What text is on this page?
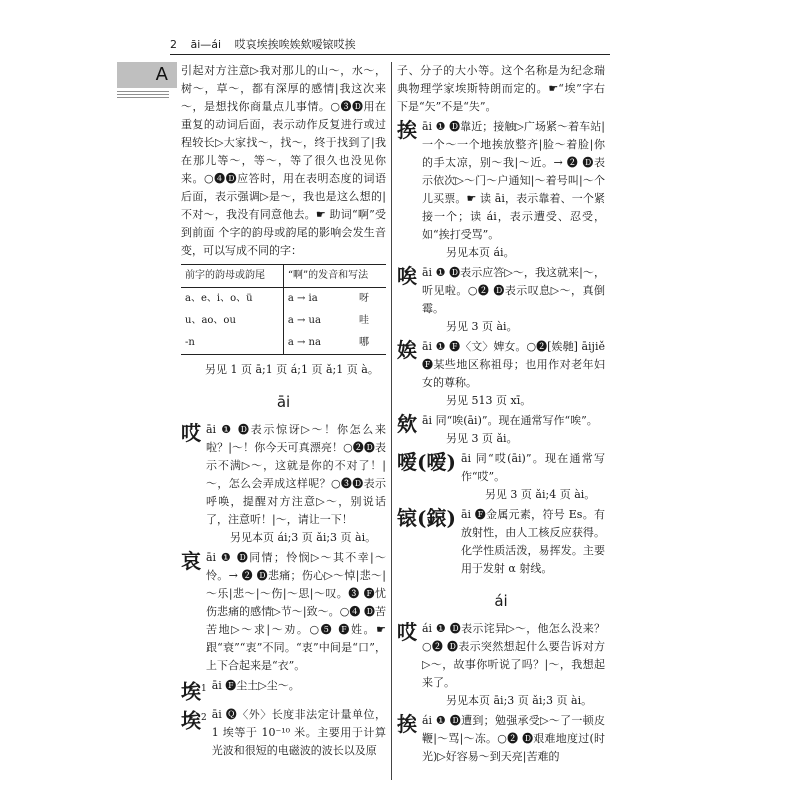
2 āi—ái 哎哀埃挨唉娭欸嗳锿哎挨
A	引起对方注意▷我对那儿的山～，水～，树～，草～，都有深厚的感情|我这次来～，是想找你商量点儿事情。○❸🅓用在重复的动词后面，表示动作反复进行或过程较长▷大家找～，找～，终于找到了|我在那儿等～，等～，等了很久也没见你来。○❹🅓应答时，用在表明态度的词语后面，表示强调▷是～，我也是这么想的|不对～，我没有同意他去。☛ 助词“啊”受到前面 个字的韵母或韵尾的影响会发生音变，可以写成不同的字：

前字的韵母或韵尾	“啊”的发音和写法	
a、e、i、o、ü	a → ia	呀
u、ao、ou	a → ua	哇
-n	a → na	哪

另见 1 页 ā;1 页 á;1 页 ǎ;1 页 à。

āi
哎 āi ❶ 🅓表示惊讶▷～！你怎么来啦？|～！你今天可真漂亮！○❷🅓表示不满▷～，这就是你的不对了！|～，怎么会弄成这样呢？○❸🅓表示呼唤，提醒对方注意▷～，别说话了，注意听！|～，请让一下！

另见本页 ái;3 页 ǎi;3 页 ài。

哀 āi ❶ 🅓同情；怜悯▷～其不幸|～怜。→ ❷ 🅓悲痛；伤心▷～悼|悲～|～乐|悲～|～伤|～思|～叹。❸ 🅕忧伤悲痛的感情▷节～|致～。○❹ 🅓苦苦地▷～求|～劝。○❺ 🅕姓。☛ 跟“衰”“衷”不同。“衷”中间是“口”，上下合起来是“衣”。

埃$^1$ āi 🅕尘土▷尘～。

埃$^2$ āi 🅠〈外〉长度非法定计量单位，1 埃等于 10⁻¹⁰ 米。主要用于计算光波和很短的电磁波的波长以及原

子、分子的大小等。这个名称是为纪念瑞典物理学家埃斯特朗而定的。☛“埃”字右下是“矢”不是“失”。

挨 āi ❶ 🅓靠近；接触▷广场紧～着车站|一个～一个地挨放整齐|脸～着脸|你的手太凉，别～我|～近。→ ❷ 🅓表示依次▷～门～户通知|～着号叫|～个儿买票。☛ 读 āi，表示靠着、一个紧接一个；读 ái，表示遭受、忍受，如“挨打受骂”。

另见本页 ái。

唉 āi ❶ 🅓表示应答▷～，我这就来|～，听见啦。○❷ 🅓表示叹息▷～，真倒霉。

另见 3 页 ài。

娭 āi ❶ 🅕〈文〉婢女。○❷[娭毑] āijiě 🅕某些地区称祖母；也用作对老年妇女的尊称。

另见 513 页 xī。

欸 āi 同“唉(āi)”。现在通常写作“唉”。

另见 3 页 ǎi。

嗳(嗳) āi 同“哎(āi)”。现在通常写作“哎”。

另见 3 页 ǎi;4 页 ài。

锿(鎄) āi 🅕金属元素，符号 Es。有放射性，由人工核反应获得。化学性质活泼，易挥发。主要用于发射 α 射线。

ái
哎 ái ❶ 🅓表示诧异▷～，他怎么没来？○❷ 🅓表示突然想起什么要告诉对方▷～，故事你听说了吗？|～，我想起来了。

另见本页 āi;3 页 ǎi;3 页 ài。

挨 ái ❶ 🅓遭到；勉强承受▷～了一顿皮鞭|～骂|～冻。○❷ 🅓艰难地度过(时光)▷好容易～到天亮|苦难的
